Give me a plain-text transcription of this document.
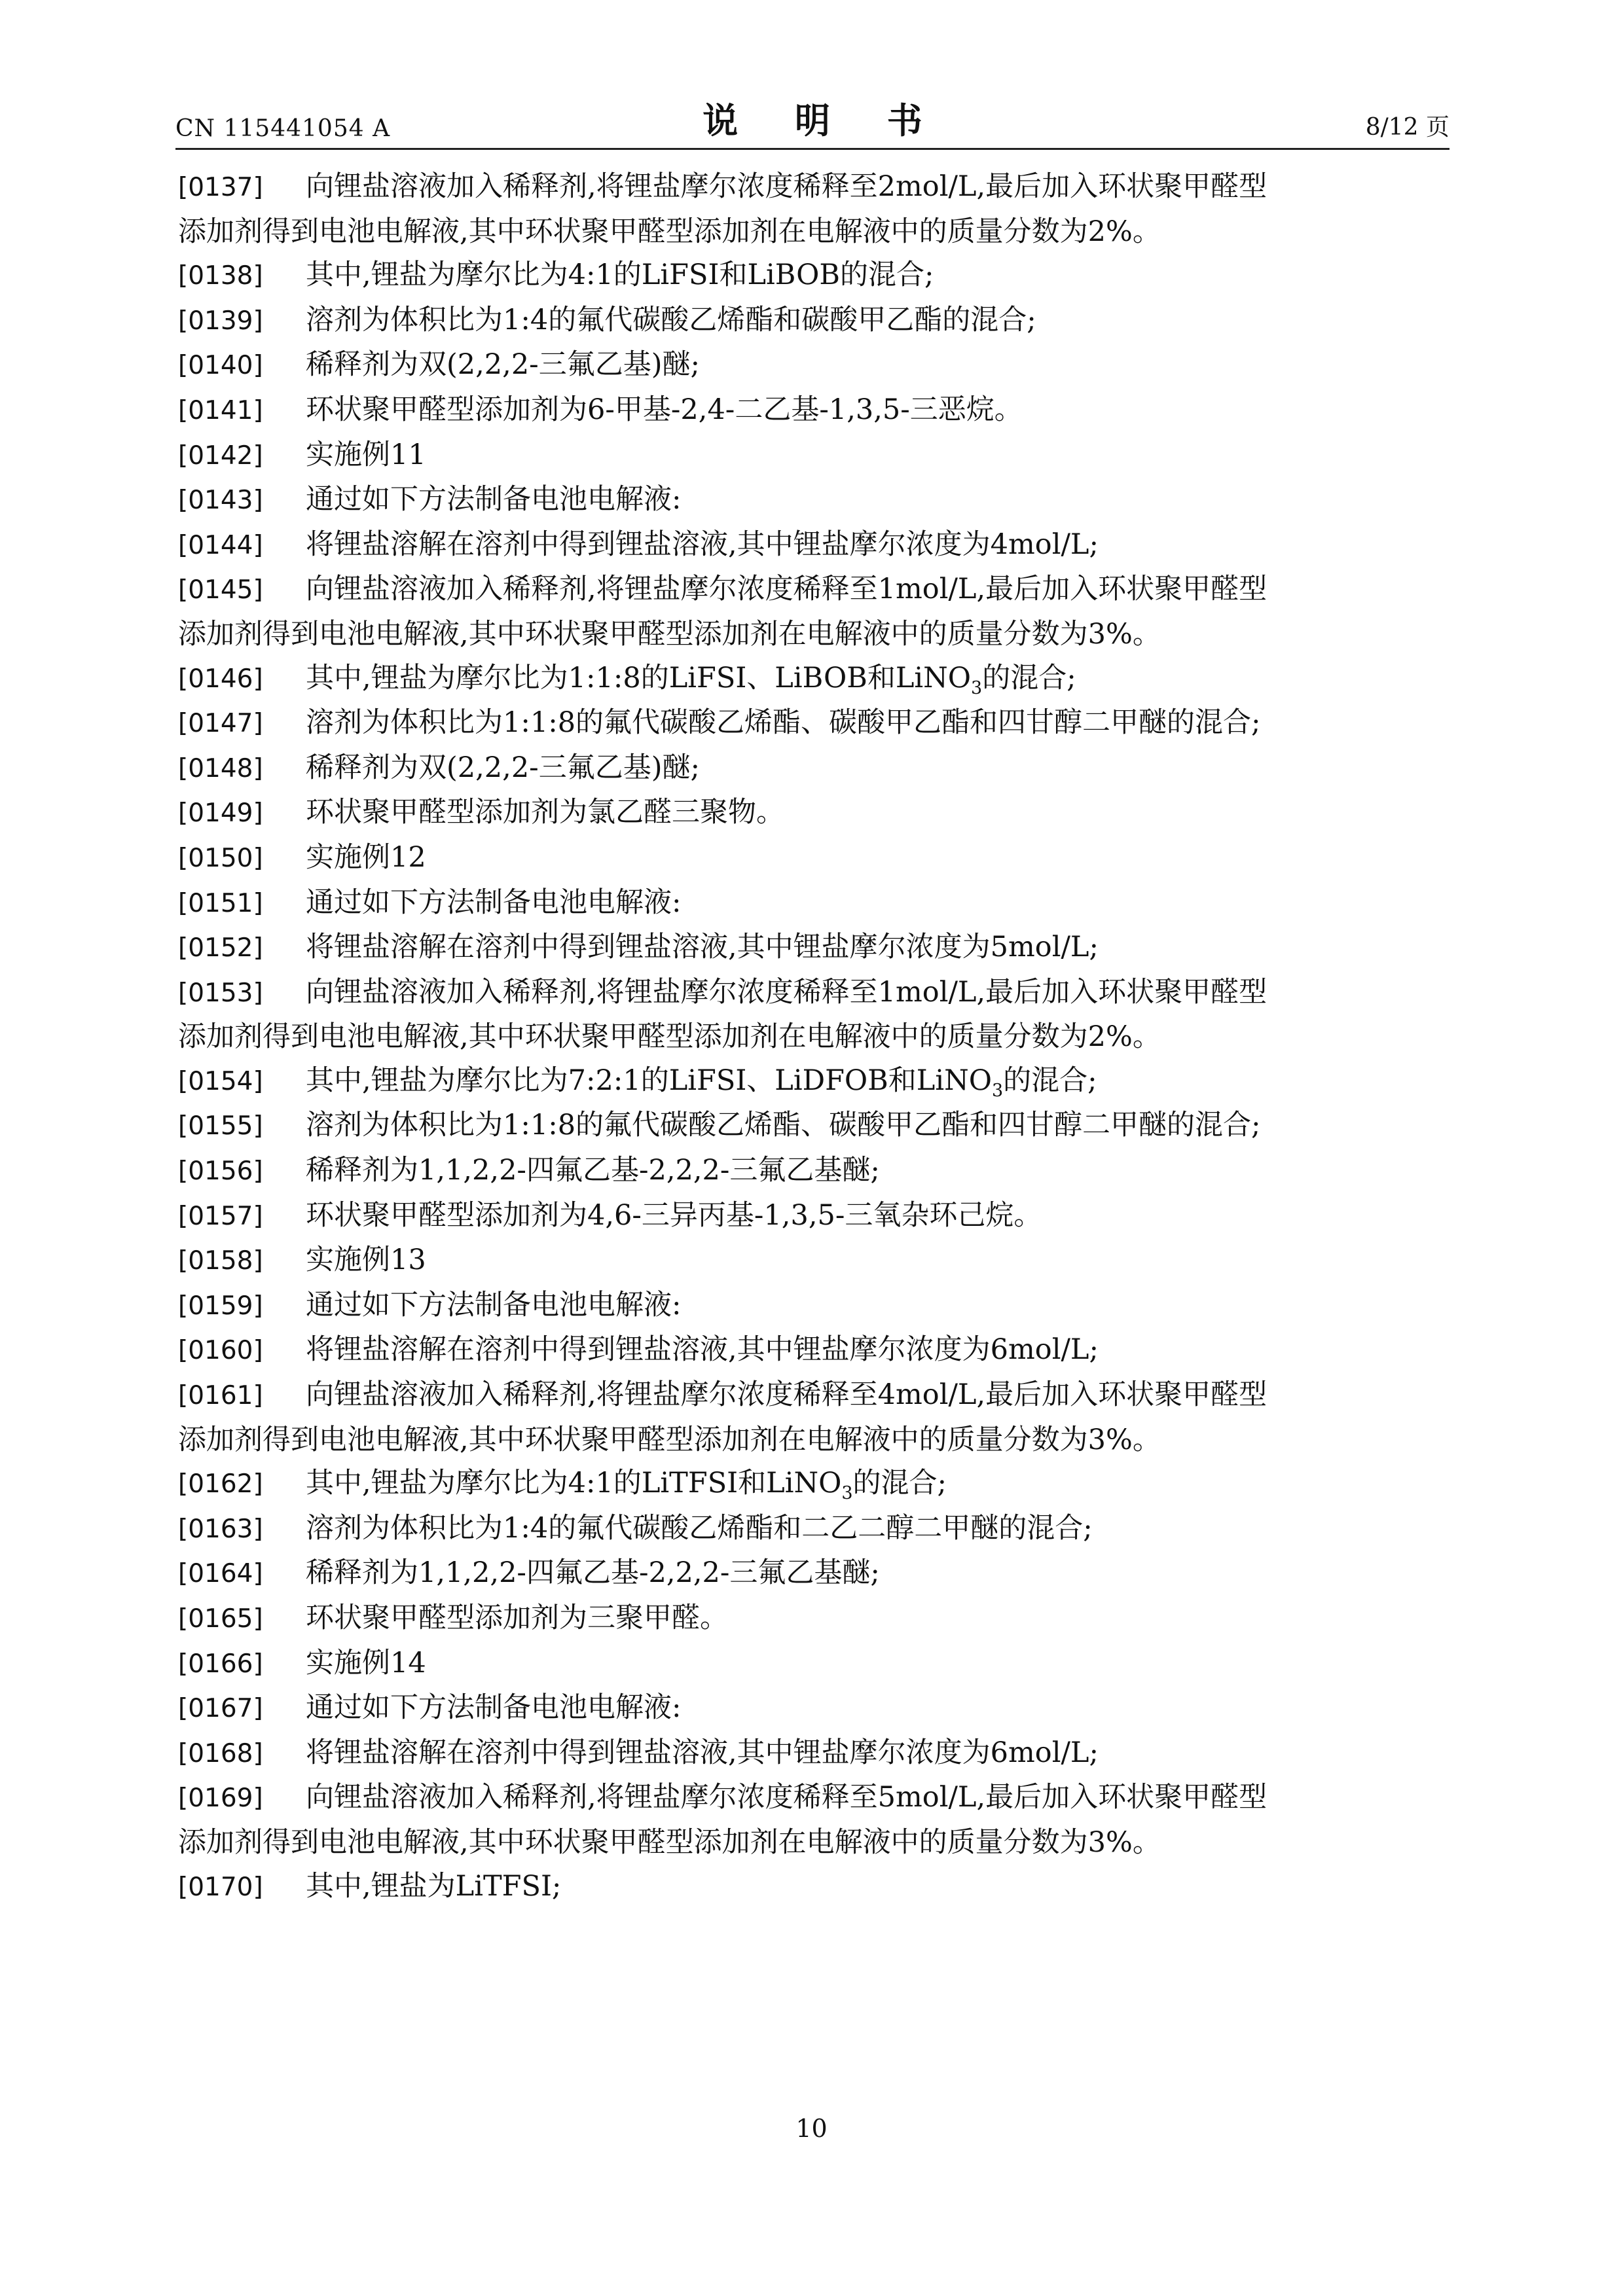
CN 115441054 A	说 明 书	8/12 页

[0137] 向锂盐溶液加入稀释剂,将锂盐摩尔浓度稀释至2mol/L,最后加入环状聚甲醛型
添加剂得到电池电解液,其中环状聚甲醛型添加剂在电解液中的质量分数为2%。

[0138] 其中,锂盐为摩尔比为4:1的LiFSI和LiBOB的混合;

[0139] 溶剂为体积比为1:4的氟代碳酸乙烯酯和碳酸甲乙酯的混合;

[0140] 稀释剂为双(2,2,2-三氟乙基)醚;

[0141] 环状聚甲醛型添加剂为6-甲基-2,4-二乙基-1,3,5-三恶烷。

[0142] 实施例11

[0143] 通过如下方法制备电池电解液:

[0144] 将锂盐溶解在溶剂中得到锂盐溶液,其中锂盐摩尔浓度为4mol/L;

[0145] 向锂盐溶液加入稀释剂,将锂盐摩尔浓度稀释至1mol/L,最后加入环状聚甲醛型
添加剂得到电池电解液,其中环状聚甲醛型添加剂在电解液中的质量分数为3%。

[0146] 其中,锂盐为摩尔比为1:1:8的LiFSI、LiBOB和LiNO$_3$的混合;

[0147] 溶剂为体积比为1:1:8的氟代碳酸乙烯酯、碳酸甲乙酯和四甘醇二甲醚的混合;

[0148] 稀释剂为双(2,2,2-三氟乙基)醚;

[0149] 环状聚甲醛型添加剂为氯乙醛三聚物。

[0150] 实施例12

[0151] 通过如下方法制备电池电解液:

[0152] 将锂盐溶解在溶剂中得到锂盐溶液,其中锂盐摩尔浓度为5mol/L;

[0153] 向锂盐溶液加入稀释剂,将锂盐摩尔浓度稀释至1mol/L,最后加入环状聚甲醛型
添加剂得到电池电解液,其中环状聚甲醛型添加剂在电解液中的质量分数为2%。

[0154] 其中,锂盐为摩尔比为7:2:1的LiFSI、LiDFOB和LiNO$_3$的混合;

[0155] 溶剂为体积比为1:1:8的氟代碳酸乙烯酯、碳酸甲乙酯和四甘醇二甲醚的混合;

[0156] 稀释剂为1,1,2,2-四氟乙基-2,2,2-三氟乙基醚;

[0157] 环状聚甲醛型添加剂为4,6-三异丙基-1,3,5-三氧杂环己烷。

[0158] 实施例13

[0159] 通过如下方法制备电池电解液:

[0160] 将锂盐溶解在溶剂中得到锂盐溶液,其中锂盐摩尔浓度为6mol/L;

[0161] 向锂盐溶液加入稀释剂,将锂盐摩尔浓度稀释至4mol/L,最后加入环状聚甲醛型
添加剂得到电池电解液,其中环状聚甲醛型添加剂在电解液中的质量分数为3%。

[0162] 其中,锂盐为摩尔比为4:1的LiTFSI和LiNO$_3$的混合;

[0163] 溶剂为体积比为1:4的氟代碳酸乙烯酯和二乙二醇二甲醚的混合;

[0164] 稀释剂为1,1,2,2-四氟乙基-2,2,2-三氟乙基醚;

[0165] 环状聚甲醛型添加剂为三聚甲醛。

[0166] 实施例14

[0167] 通过如下方法制备电池电解液:

[0168] 将锂盐溶解在溶剂中得到锂盐溶液,其中锂盐摩尔浓度为6mol/L;

[0169] 向锂盐溶液加入稀释剂,将锂盐摩尔浓度稀释至5mol/L,最后加入环状聚甲醛型
添加剂得到电池电解液,其中环状聚甲醛型添加剂在电解液中的质量分数为3%。

[0170] 其中,锂盐为LiTFSI;

10
